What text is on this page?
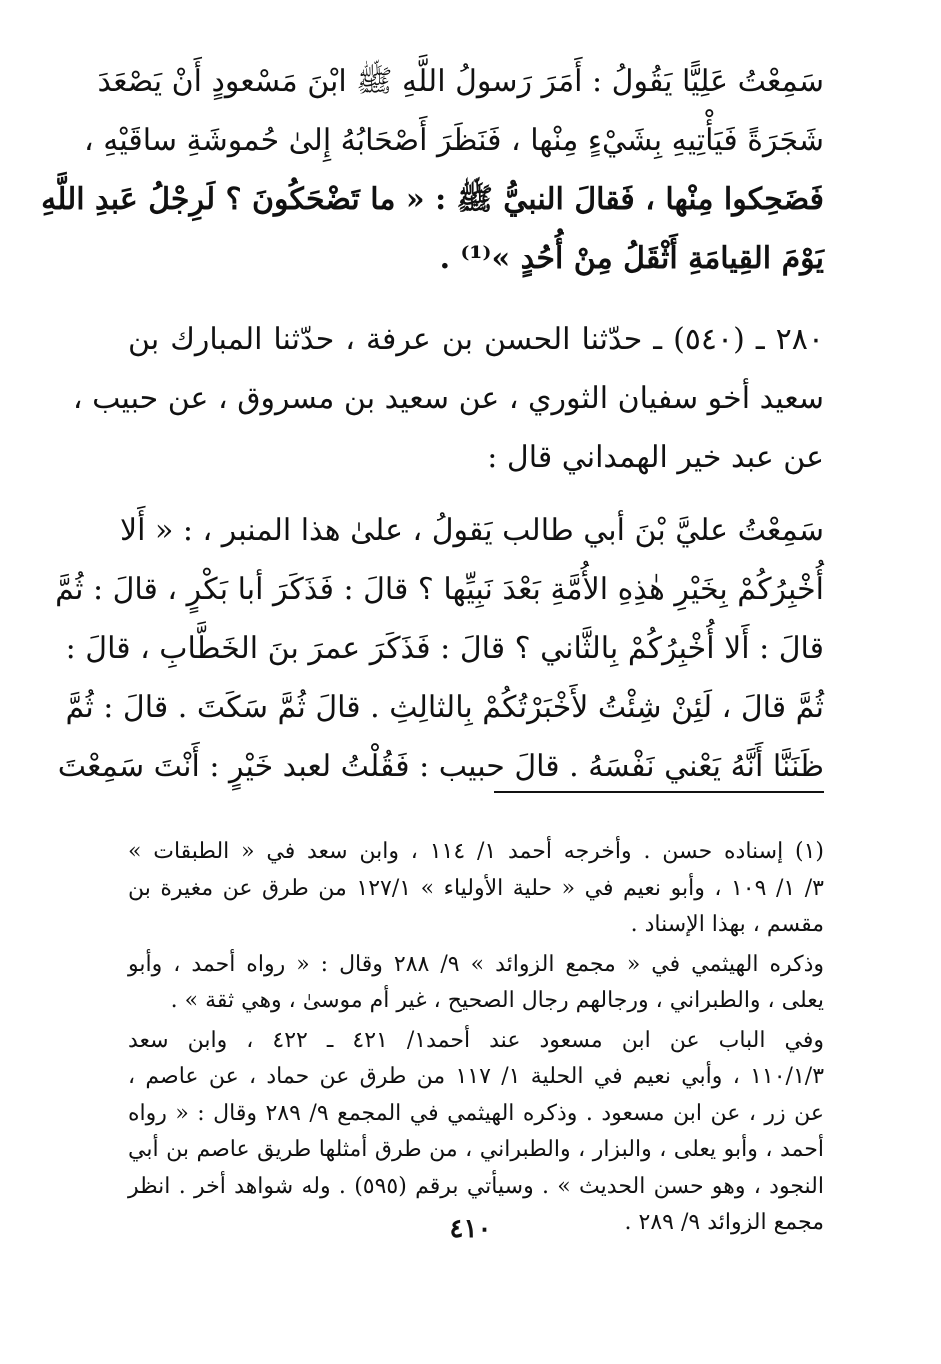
سَمِعْتُ عَلِيًّا يَقُولُ : أَمَرَ رَسولُ اللَّهِ ﷺ ابْنَ مَسْعودٍ أَنْ يَصْعَدَ
شَجَرَةً فَيَأْتِيهِ بِشَيْءٍ مِنْها ، فَنَظَرَ أَصْحَابُهُ إِلىٰ حُموشَةِ ساقَيْهِ ،
فَضَحِكوا مِنْها ، فَقالَ النبيُّ ﷺ : « ما تَضْحَكُونَ ؟ لَرِجْلُ عَبدِ اللَّهِ
يَوْمَ القِيامَةِ أَثْقَلُ مِنْ أُحُدٍ »⁽¹⁾ .
٢٨٠ ـ (٥٤٠) ـ حدّثنا الحسن بن عرفة ، حدّثنا المبارك بن
سعيد أخو سفيان الثوري ، عن سعيد بن مسروق ، عن حبيب ،
عن عبد خير الهمداني قال :
سَمِعْتُ عليَّ بْنَ أبي طالب يَقولُ ، علىٰ هذا المنبر ، : « أَلا
أُخْبِرُكُمْ بِخَيْرِ هٰذِهِ الأُمَّةِ بَعْدَ نَبِيِّها ؟ قالَ : فَذَكَرَ أبا بَكْرٍ ، قالَ : ثُمَّ
قالَ : أَلا أُخْبِرُكُمْ بِالثَّاني ؟ قالَ : فَذَكَرَ عمرَ بنَ الخَطَّابِ ، قالَ :
ثُمَّ قالَ ، لَئِنْ شِئْتُ لأَخْبَرْتُكُمْ بِالثالِثِ . قالَ ثُمَّ سَكَتَ . قالَ : ثُمَّ
ظَنَنَّا أَنَّهُ يَعْني نَفْسَهُ . قالَ حبيب : فَقُلْتُ لعبد خَيْرٍ : أَنْتَ سَمِعْتَ
(١) إسناده حسن . وأخرجه أحمد ١/ ١١٤ ، وابن سعد في « الطبقات »
٣/ ١/ ١٠٩ ، وأبو نعيم في « حلية الأولياء » ١٢٧/١ من طرق عن مغيرة بن
مقسم ، بهذا الإسناد .
وذكره الهيثمي في « مجمع الزوائد » ٩/ ٢٨٨ وقال : « رواه أحمد ، وأبو
يعلى ، والطبراني ، ورجالهم رجال الصحيح ، غير أم موسىٰ ، وهي ثقة » .
وفي الباب عن ابن مسعود عند أحمد١/ ٤٢١ ـ ٤٢٢ ، وابن سعد
١١٠/١/٣ ، وأبي نعيم في الحلية ١/ ١١٧ من طرق عن حماد ، عن عاصم ،
عن زر ، عن ابن مسعود . وذكره الهيثمي في المجمع ٩/ ٢٨٩ وقال : « رواه
أحمد ، وأبو يعلى ، والبزار ، والطبراني ، من طرق أمثلها طريق عاصم بن أبي
النجود ، وهو حسن الحديث » . وسيأتي برقم (٥٩٥) . وله شواهد أخر . انظر
مجمع الزوائد ٩/ ٢٨٩ .
٤١٠
